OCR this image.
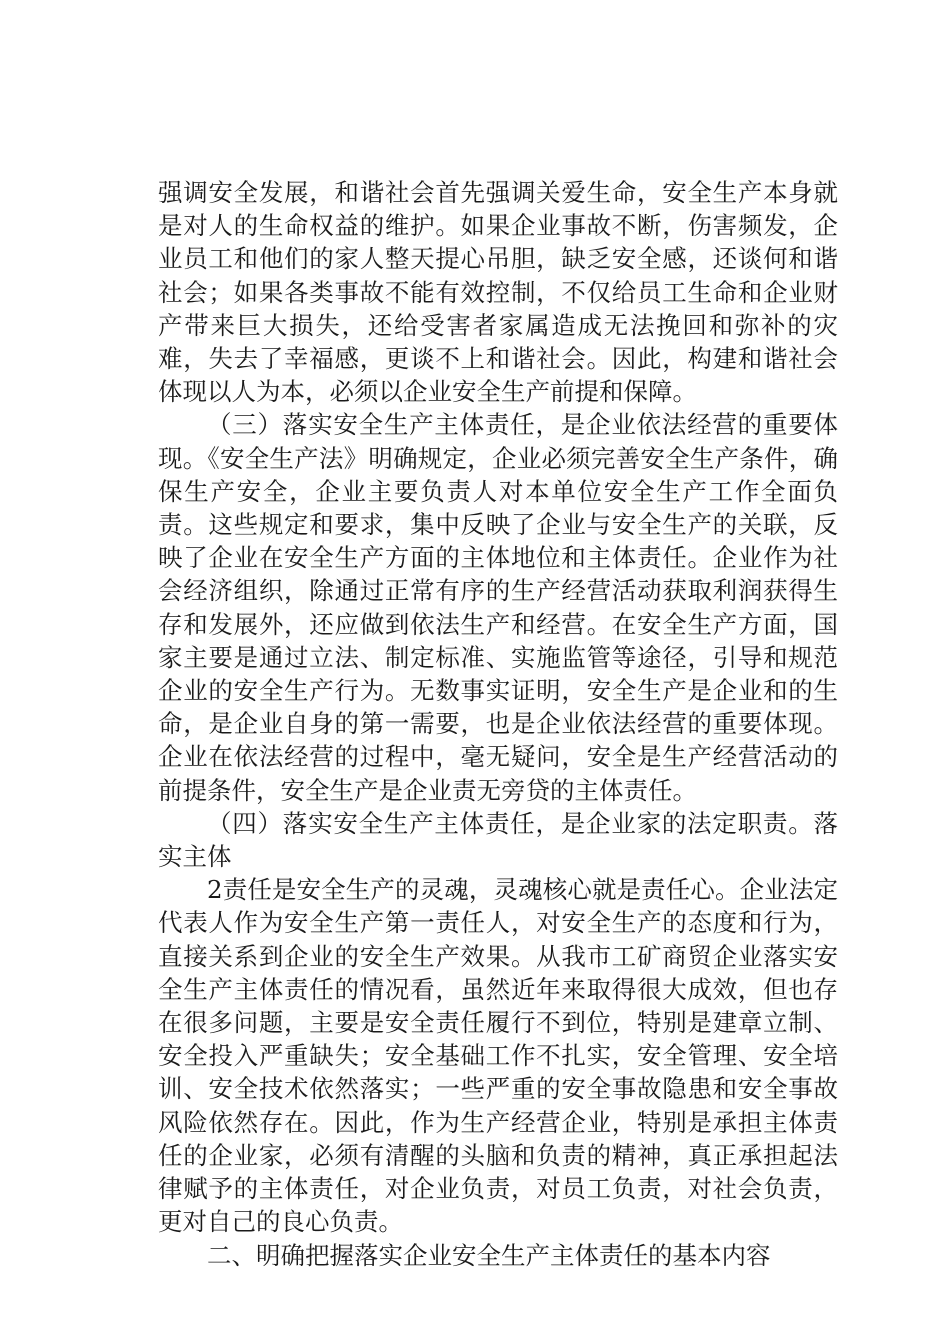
强调安全发展，和谐社会首先强调关爱生命，安全生产本身就是对人的生命权益的维护。如果企业事故不断，伤害频发，企业员工和他们的家人整天提心吊胆，缺乏安全感，还谈何和谐社会；如果各类事故不能有效控制，不仅给员工生命和企业财产带来巨大损失，还给受害者家属造成无法挽回和弥补的灾难，失去了幸福感，更谈不上和谐社会。因此，构建和谐社会体现以人为本，必须以企业安全生产前提和保障。

（三）落实安全生产主体责任，是企业依法经营的重要体现。《安全生产法》明确规定，企业必须完善安全生产条件，确保生产安全，企业主要负责人对本单位安全生产工作全面负责。这些规定和要求，集中反映了企业与安全生产的关联，反映了企业在安全生产方面的主体地位和主体责任。企业作为社会经济组织，除通过正常有序的生产经营活动获取利润获得生存和发展外，还应做到依法生产和经营。在安全生产方面，国家主要是通过立法、制定标准、实施监管等途径，引导和规范企业的安全生产行为。无数事实证明，安全生产是企业和的生命，是企业自身的第一需要，也是企业依法经营的重要体现。企业在依法经营的过程中，毫无疑问，安全是生产经营活动的前提条件，安全生产是企业责无旁贷的主体责任。

（四）落实安全生产主体责任，是企业家的法定职责。落实主体

2责任是安全生产的灵魂，灵魂核心就是责任心。企业法定代表人作为安全生产第一责任人，对安全生产的态度和行为，直接关系到企业的安全生产效果。从我市工矿商贸企业落实安全生产主体责任的情况看，虽然近年来取得很大成效，但也存在很多问题，主要是安全责任履行不到位，特别是建章立制、安全投入严重缺失；安全基础工作不扎实，安全管理、安全培训、安全技术依然落实；一些严重的安全事故隐患和安全事故风险依然存在。因此，作为生产经营企业，特别是承担主体责任的企业家，必须有清醒的头脑和负责的精神，真正承担起法律赋予的主体责任，对企业负责，对员工负责，对社会负责，更对自己的良心负责。

二、明确把握落实企业安全生产主体责任的基本内容
